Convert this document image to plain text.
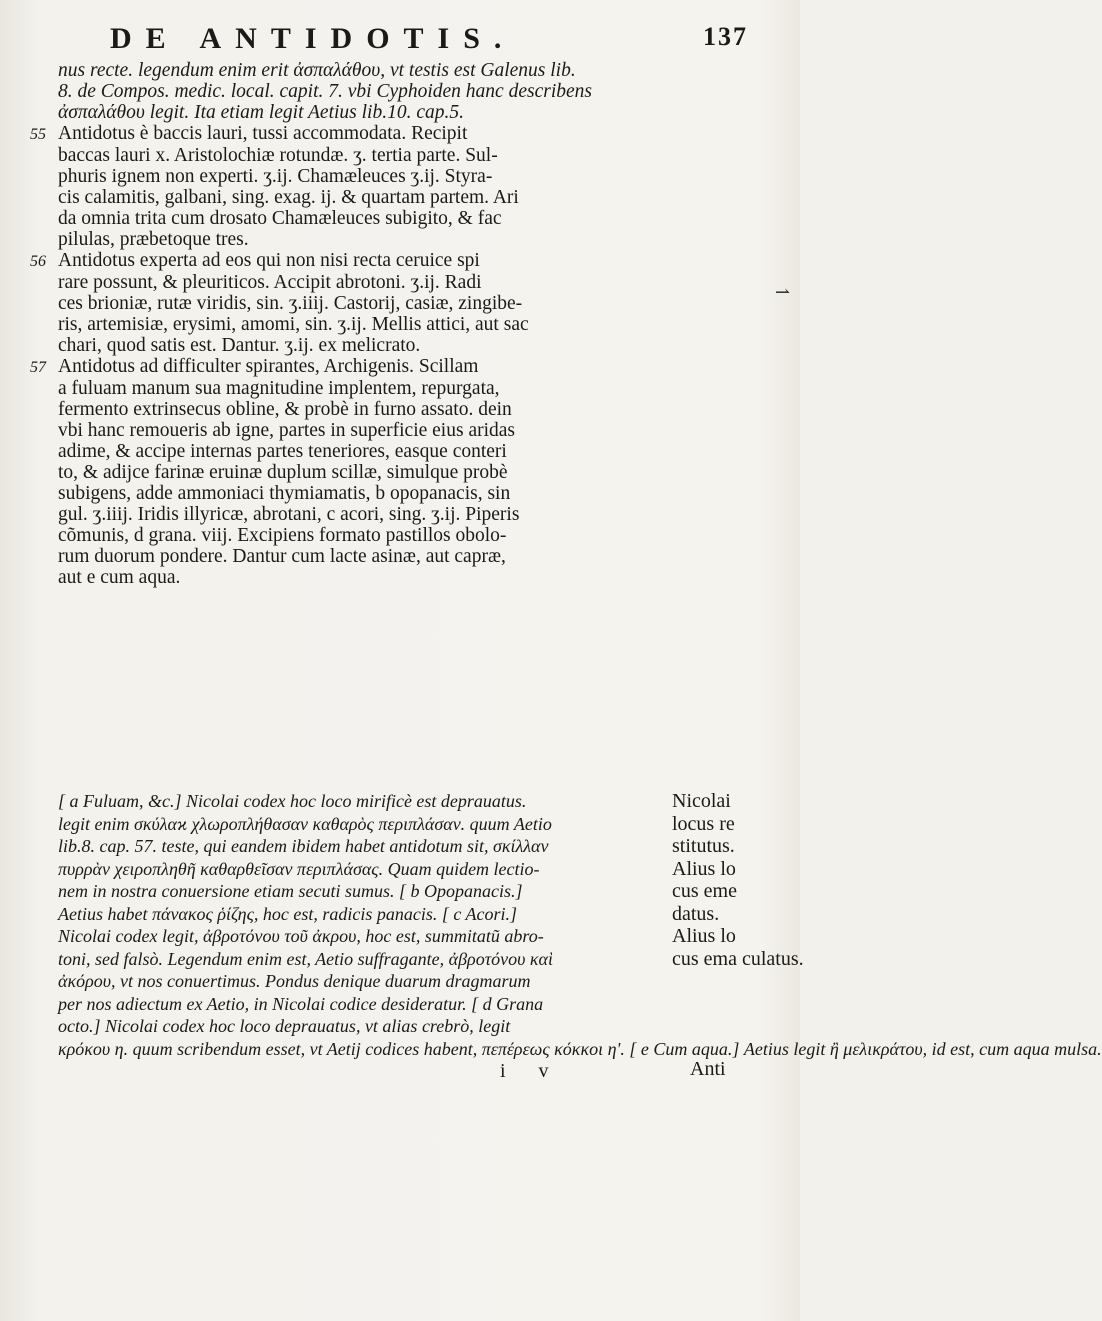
DE ANTIDOTIS.	137
nus recte. legendum enim erit ἀσπαλάθου, vt testis est Galenus lib.
8. de Compos. medic. local. capit. 7. vbi Cyphoiden hanc describens
ἀσπαλάθου legit. Ita etiam legit Aetius lib.10. cap.5.
55 Antidotus è baccis lauri, tussi accommodata. Recipit
baccas lauri x. Aristolochiæ rotundæ. ʒ. tertia parte. Sul-
phuris ignem non experti. ʒ.ij. Chamæleuces ʒ.ij. Styra-
cis calamitis, galbani, sing. exag. ij. & quartam partem. Ari
da omnia trita cum drosato Chamæleuces subigito, & fac
pilulas, præbetoque tres.
56 Antidotus experta ad eos qui non nisi recta ceruice spi
rare possunt, & pleuriticos. Accipit abrotoni. ʒ.ij. Radi
ces brioniæ, rutæ viridis, sin. ʒ.iiij. Castorij, casiæ, zingibe-
ris, artemisiæ, erysimi, amomi, sin. ʒ.ij. Mellis attici, aut sac
chari, quod satis est. Dantur. ʒ.ij. ex melicrato.
57 Antidotus ad difficulter spirantes, Archigenis. Scillam
a fuluam manum sua magnitudine implentem, repurgata,
fermento extrinsecus obline, & probè in furno assato. dein
vbi hanc remoueris ab igne, partes in superficie eius aridas
adime, & accipe internas partes teneriores, easque conteri
to, & adijce farinæ eruinæ duplum scillæ, simulque probè
subigens, adde ammoniaci thymiamatis, b opopanacis, sin
gul. ʒ.iiij. Iridis illyricæ, abrotani, c acori, sing. ʒ.ij. Piperis
cõmunis, d grana. viij. Excipiens formato pastillos obolo-
rum duorum pondere. Dantur cum lacte asinæ, aut capræ,
aut e cum aqua.
⇀
[ a Fuluam, &c.] Nicolai codex hoc loco mirificè est deprauatus.
legit enim σκύλαϰ χλωροπλήθασαν καθαρὸς περιπλάσαν. quum Aetio
lib.8. cap. 57. teste, qui eandem ibidem habet antidotum sit, σκίλλαν
πυρρὰν χειροπληθῆ καθαρθεῖσαν περιπλάσας. Quam quidem lectio-
nem in nostra conuersione etiam secuti sumus. [ b Opopanacis.]
Aetius habet πάνακος ῥίζης, hoc est, radicis panacis. [ c Acori.]
Nicolai codex legit, ἀβροτόνου τοῦ ἀκρου, hoc est, summitatũ abro-
toni, sed falsò. Legendum enim est, Aetio suffragante, ἀβροτόνου καὶ
ἀκόρου, vt nos conuertimus. Pondus denique duarum dragmarum
per nos adiectum ex Aetio, in Nicolai codice desideratur. [ d Grana
octo.] Nicolai codex hoc loco deprauatus, vt alias crebrò, legit
κρόκου η. quum scribendum esset, vt Aetij codices habent, πεπέρεως κόκκοι η'. [ e Cum aqua.] Aetius legit ἢ μελικράτου, id est, cum aqua mulsa.
Nicolai
locus re
stitutus.
Alius lo
cus eme
datus.
Alius lo
cus ema culatus.
i v	Anti
